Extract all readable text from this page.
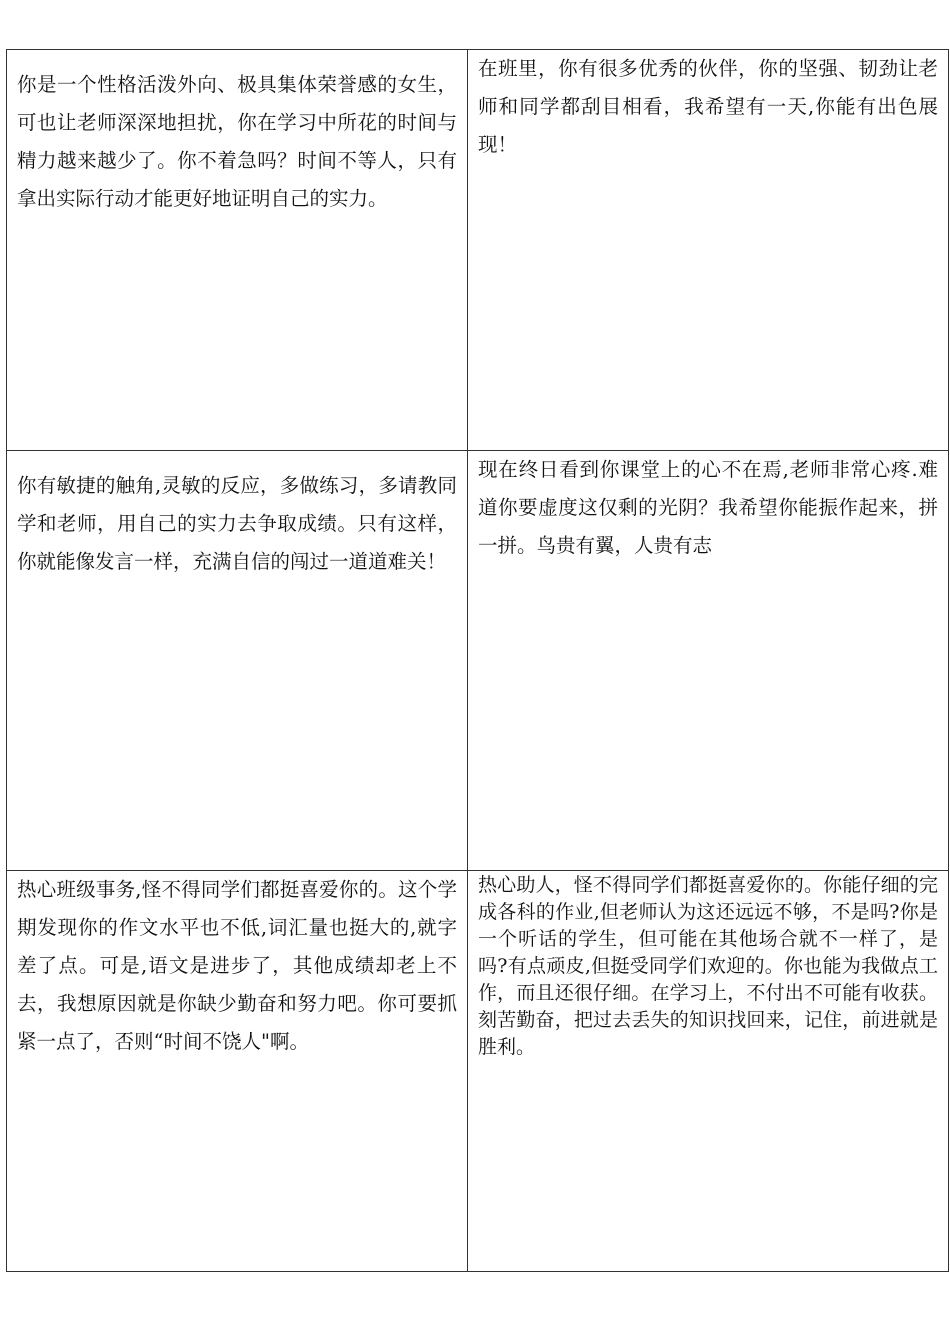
你是一个性格活泼外向、极具集体荣誉感的女生，可也让老师深深地担扰，你在学习中所花的时间与精力越来越少了。你不着急吗？时间不等人，只有拿出实际行动才能更好地证明自己的实力。	在班里，你有很多优秀的伙伴，你的坚强、韧劲让老师和同学都刮目相看，我希望有一天,你能有出色展现！

你有敏捷的触角,灵敏的反应，多做练习，多请教同学和老师，用自己的实力去争取成绩。只有这样，你就能像发言一样，充满自信的闯过一道道难关！	现在终日看到你课堂上的心不在焉,老师非常心疼.难道你要虚度这仅剩的光阴？我希望你能振作起来，拼一拼。鸟贵有翼，人贵有志

热心班级事务,怪不得同学们都挺喜爱你的。这个学期发现你的作文水平也不低,词汇量也挺大的,就字差了点。可是,语文是进步了，其他成绩却老上不去，我想原因就是你缺少勤奋和努力吧。你可要抓紧一点了，否则“时间不饶人"啊。	热心助人，怪不得同学们都挺喜爱你的。你能仔细的完成各科的作业,但老师认为这还远远不够，不是吗?你是一个听话的学生，但可能在其他场合就不一样了，是吗?有点顽皮,但挺受同学们欢迎的。你也能为我做点工作，而且还很仔细。在学习上，不付出不可能有收获。刻苦勤奋，把过去丢失的知识找回来，记住，前进就是胜利。
